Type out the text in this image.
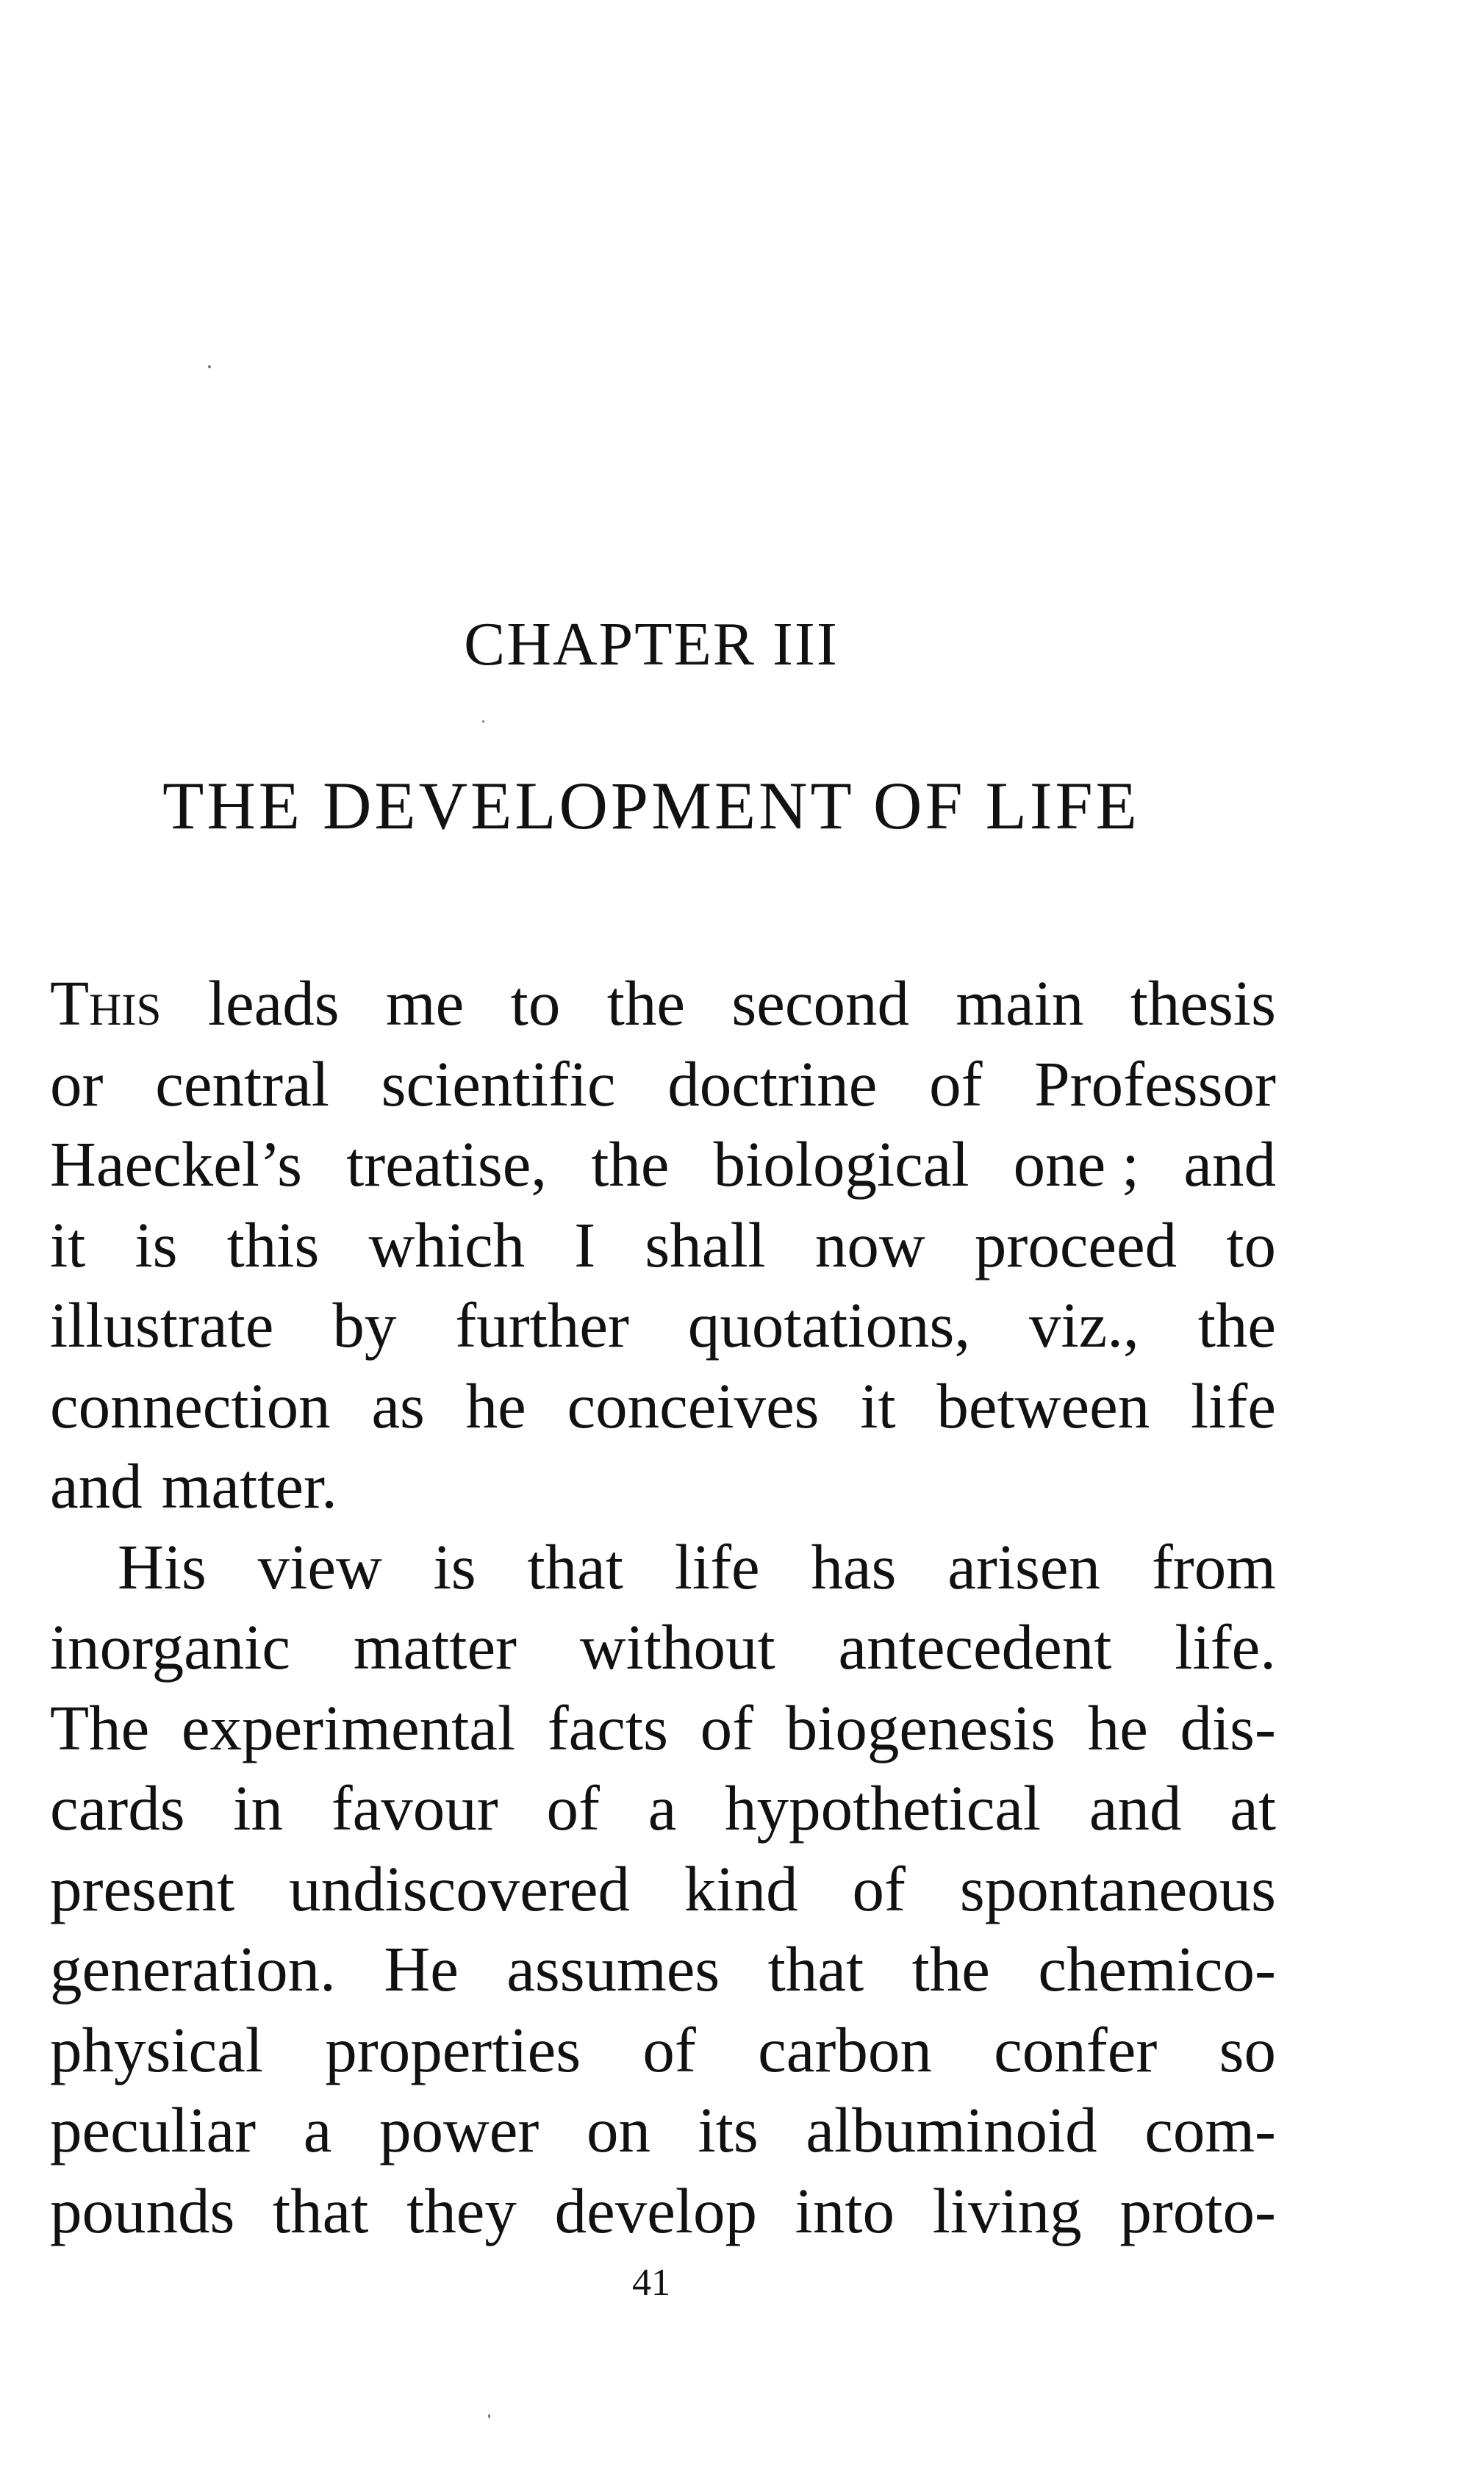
CHAPTER III
THE DEVELOPMENT OF LIFE
This leads me to the second main thesis
or central scientific doctrine of Professor
Haeckel’s treatise, the biological one ; and
it is this which I shall now proceed to
illustrate by further quotations, viz., the
connection as he conceives it between life
and matter.
His view is that life has arisen from
inorganic matter without antecedent life.
The experimental facts of biogenesis he dis-
cards in favour of a hypothetical and at
present undiscovered kind of spontaneous
generation. He assumes that the chemico-
physical properties of carbon confer so
peculiar a power on its albuminoid com-
pounds that they develop into living proto-
41
